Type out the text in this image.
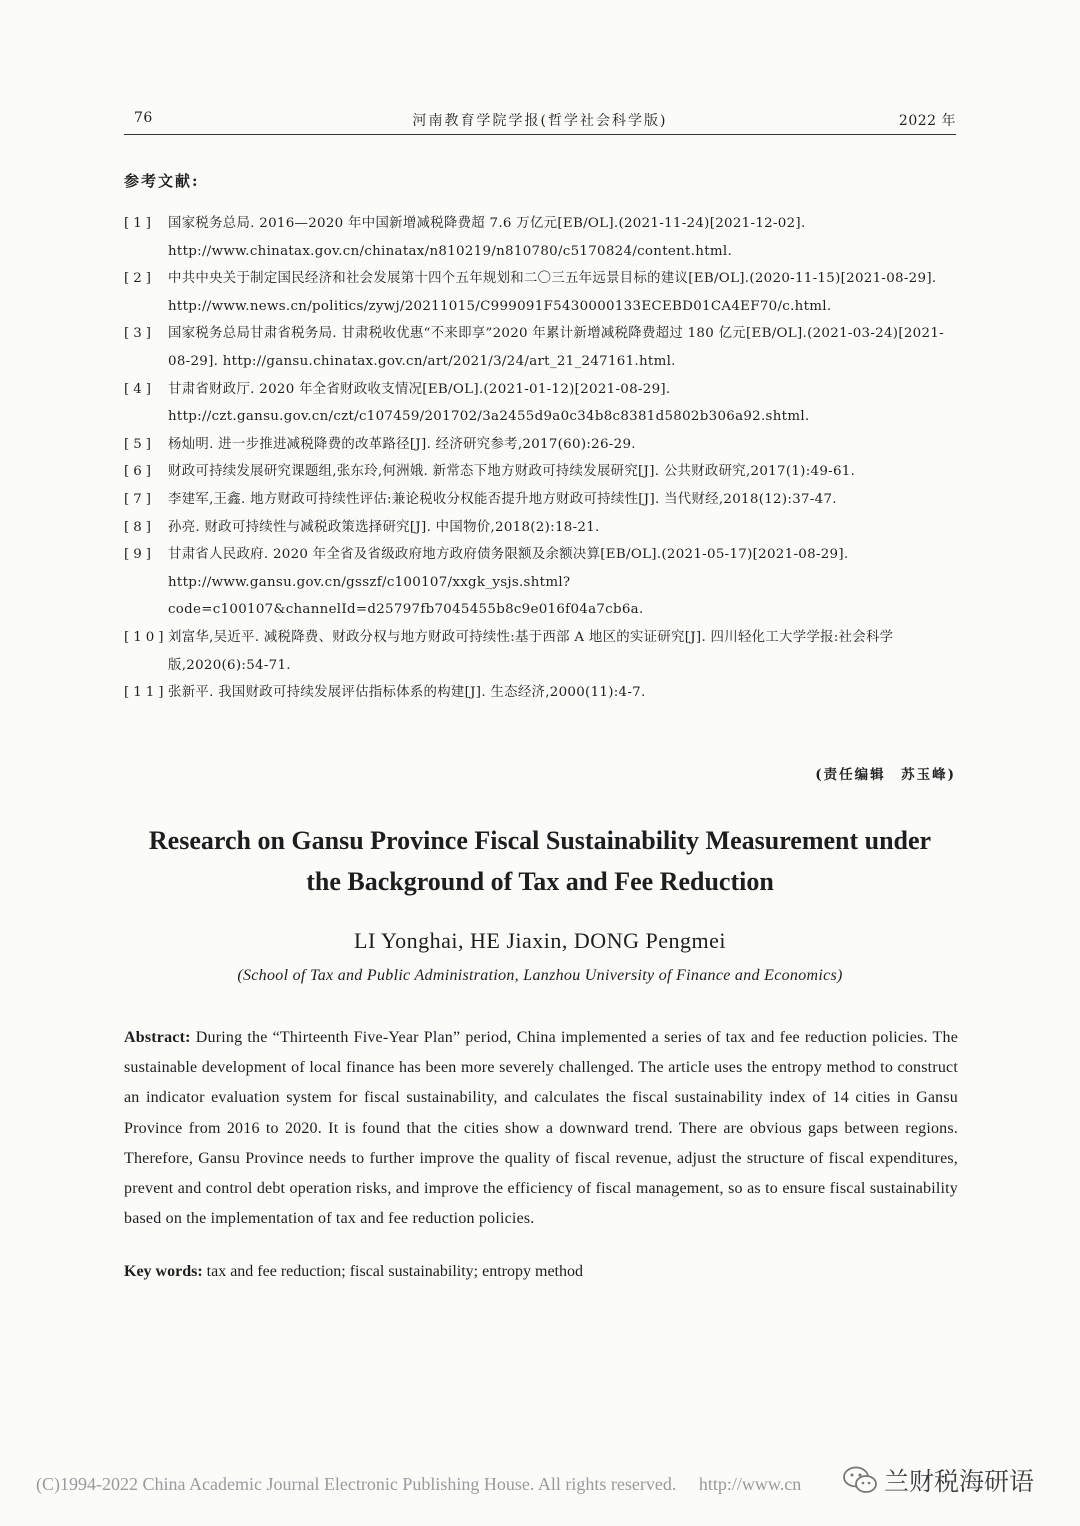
76	河南教育学院学报(哲学社会科学版)	2022 年
参考文献:
[1] 国家税务总局. 2016—2020 年中国新增减税降费超 7.6 万亿元[EB/OL].(2021-11-24)[2021-12-02]. http://www.chinatax.gov.cn/chinatax/n810219/n810780/c5170824/content.html.
[2] 中共中央关于制定国民经济和社会发展第十四个五年规划和二〇三五年远景目标的建议[EB/OL].(2020-11-15)[2021-08-29]. http://www.news.cn/politics/zywj/20211015/C999091F5430000133ECEBD01CA4EF70/c.html.
[3] 国家税务总局甘肃省税务局. 甘肃税收优惠“不来即享”2020 年累计新增减税降费超过 180 亿元[EB/OL].(2021-03-24)[2021-08-29]. http://gansu.chinatax.gov.cn/art/2021/3/24/art_21_247161.html.
[4] 甘肃省财政厅. 2020 年全省财政收支情况[EB/OL].(2021-01-12)[2021-08-29]. http://czt.gansu.gov.cn/czt/c107459/201702/3a2455d9a0c34b8c8381d5802b306a92.shtml.
[5] 杨灿明. 进一步推进减税降费的改革路径[J]. 经济研究参考,2017(60):26-29.
[6] 财政可持续发展研究课题组,张东玲,何洲娥. 新常态下地方财政可持续发展研究[J]. 公共财政研究,2017(1):49-61.
[7] 李建军,王鑫. 地方财政可持续性评估:兼论税收分权能否提升地方财政可持续性[J]. 当代财经,2018(12):37-47.
[8] 孙亮. 财政可持续性与减税政策选择研究[J]. 中国物价,2018(2):18-21.
[9] 甘肃省人民政府. 2020 年全省及省级政府地方政府债务限额及余额决算[EB/OL].(2021-05-17)[2021-08-29]. http://www.gansu.gov.cn/gsszf/c100107/xxgk_ysjs.shtml? code=c100107&channelId=d25797fb7045455b8c9e016f04a7cb6a.
[10] 刘富华,吴近平. 减税降费、财政分权与地方财政可持续性:基于西部 A 地区的实证研究[J]. 四川轻化工大学学报:社会科学版,2020(6):54-71.
[11] 张新平. 我国财政可持续发展评估指标体系的构建[J]. 生态经济,2000(11):4-7.
(责任编辑　苏玉峰)
Research on Gansu Province Fiscal Sustainability Measurement under
the Background of Tax and Fee Reduction
LI Yonghai, HE Jiaxin, DONG Pengmei
(School of Tax and Public Administration, Lanzhou University of Finance and Economics)
Abstract: During the “Thirteenth Five-Year Plan” period, China implemented a series of tax and fee reduction policies. The sustainable development of local finance has been more severely challenged. The article uses the entropy method to construct an indicator evaluation system for fiscal sustainability, and calculates the fiscal sustainability index of 14 cities in Gansu Province from 2016 to 2020. It is found that the cities show a downward trend. There are obvious gaps between regions. Therefore, Gansu Province needs to further improve the quality of fiscal revenue, adjust the structure of fiscal expenditures, prevent and control debt operation risks, and improve the efficiency of fiscal management, so as to ensure fiscal sustainability based on the implementation of tax and fee reduction policies.
Key words: tax and fee reduction; fiscal sustainability; entropy method
(C)1994-2022 China Academic Journal Electronic Publishing House. All rights reserved.　 http://www.cn	兰财税海研语
